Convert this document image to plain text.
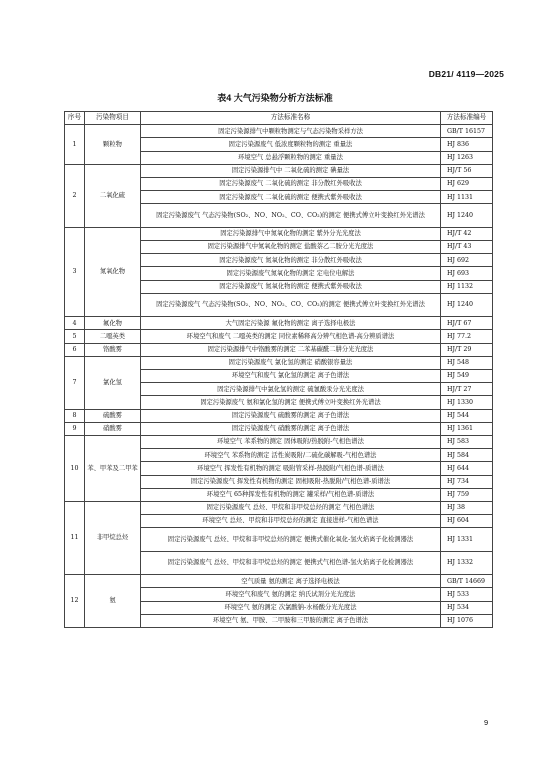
DB21/ 4119—2025
表4 大气污染物分析方法标准
序号	污染物项目	方法标准名称	方法标准编号
1	颗粒物	固定污染源排气中颗粒物测定与气态污染物采样方法	GB/T 16157
		固定污染源废气 低浓度颗粒物的测定 重量法	HJ 836
		环境空气 总悬浮颗粒物的测定 重量法	HJ 1263
2	二氧化硫	固定污染源排气中 二氧化硫的测定 碘量法	HJ/T 56
		固定污染源废气 二氧化硫的测定 非分散红外吸收法	HJ 629
		固定污染源废气 二氧化硫的测定 便携式紫外吸收法	HJ 1131
		固定污染源废气 气态污染物(SO₂、NO、NO₂、CO、CO₂)的测定 便携式傅立叶变换红外光谱法	HJ 1240
3	氮氧化物	固定污染源排气中氮氧化物的测定 紫外分光光度法	HJ/T 42
		固定污染源排气中氮氧化物的测定 盐酸萘乙二胺分光光度法	HJ/T 43
		固定污染源废气 氮氧化物的测定 非分散红外吸收法	HJ 692
		固定污染源废气氮氧化物的测定 定电位电解法	HJ 693
		固定污染源废气 氮氧化物的测定 便携式紫外吸收法	HJ 1132
		固定污染源废气 气态污染物(SO₂、NO、NO₂、CO、CO₂)的测定 便携式傅立叶变换红外光谱法	HJ 1240
4	氟化物	大气固定污染源 氟化物的测定 离子选择电极法	HJ/T 67
5	二噁英类	环境空气和废气 二噁英类的测定 同位素稀释高分辨气相色谱-高分辨质谱法	HJ 77.2
6	铬酸雾	固定污染源排气中铬酸雾的测定 二苯基碳酰二肼分光光度法	HJ/T 29
7	氯化氢	固定污染源废气 氯化氢的测定 硝酸银容量法	HJ 548
		环境空气和废气 氯化氢的测定 离子色谱法	HJ 549
		固定污染源排气中氯化氢的测定 硫氰酸汞分光光度法	HJ/T 27
		固定污染源废气 氨和氯化氢的测定 便携式傅立叶变换红外光谱法	HJ 1330
8	硫酸雾	固定污染源废气 硫酸雾的测定 离子色谱法	HJ 544
9	硝酸雾	固定污染源废气 硝酸雾的测定 离子色谱法	HJ 1361
10	苯、甲苯及二甲苯	环境空气 苯系物的测定 固体吸附/热脱附-气相色谱法	HJ 583
		环境空气 苯系物的测定 活性炭吸附/二硫化碳解吸-气相色谱法	HJ 584
		环境空气 挥发性有机物的测定 吸附管采样-热脱附/气相色谱-质谱法	HJ 644
		固定污染源废气 挥发性有机物的测定 固相吸附-热脱附/气相色谱-质谱法	HJ 734
		环境空气 65种挥发性有机物的测定 罐采样/气相色谱-质谱法	HJ 759
11	非甲烷总烃	固定污染源废气 总烃、甲烷和非甲烷总烃的测定 气相色谱法	HJ 38
		环境空气 总烃、甲烷和非甲烷总烃的测定 直接进样-气相色谱法	HJ 604
		固定污染源废气 总烃、甲烷和非甲烷总烃的测定 便携式催化氧化-氢火焰离子化检测器法	HJ 1331
		固定污染源废气 总烃、甲烷和非甲烷总烃的测定 便携式气相色谱-氢火焰离子化检测器法	HJ 1332
12	氨	空气质量 氨的测定 离子选择电极法	GB/T 14669
		环境空气和废气 氨的测定 纳氏试剂分光光度法	HJ 533
		环境空气 氨的测定 次氯酸钠-水杨酸分光光度法	HJ 534
		环境空气 氨、甲胺、二甲胺和三甲胺的测定 离子色谱法	HJ 1076
9
